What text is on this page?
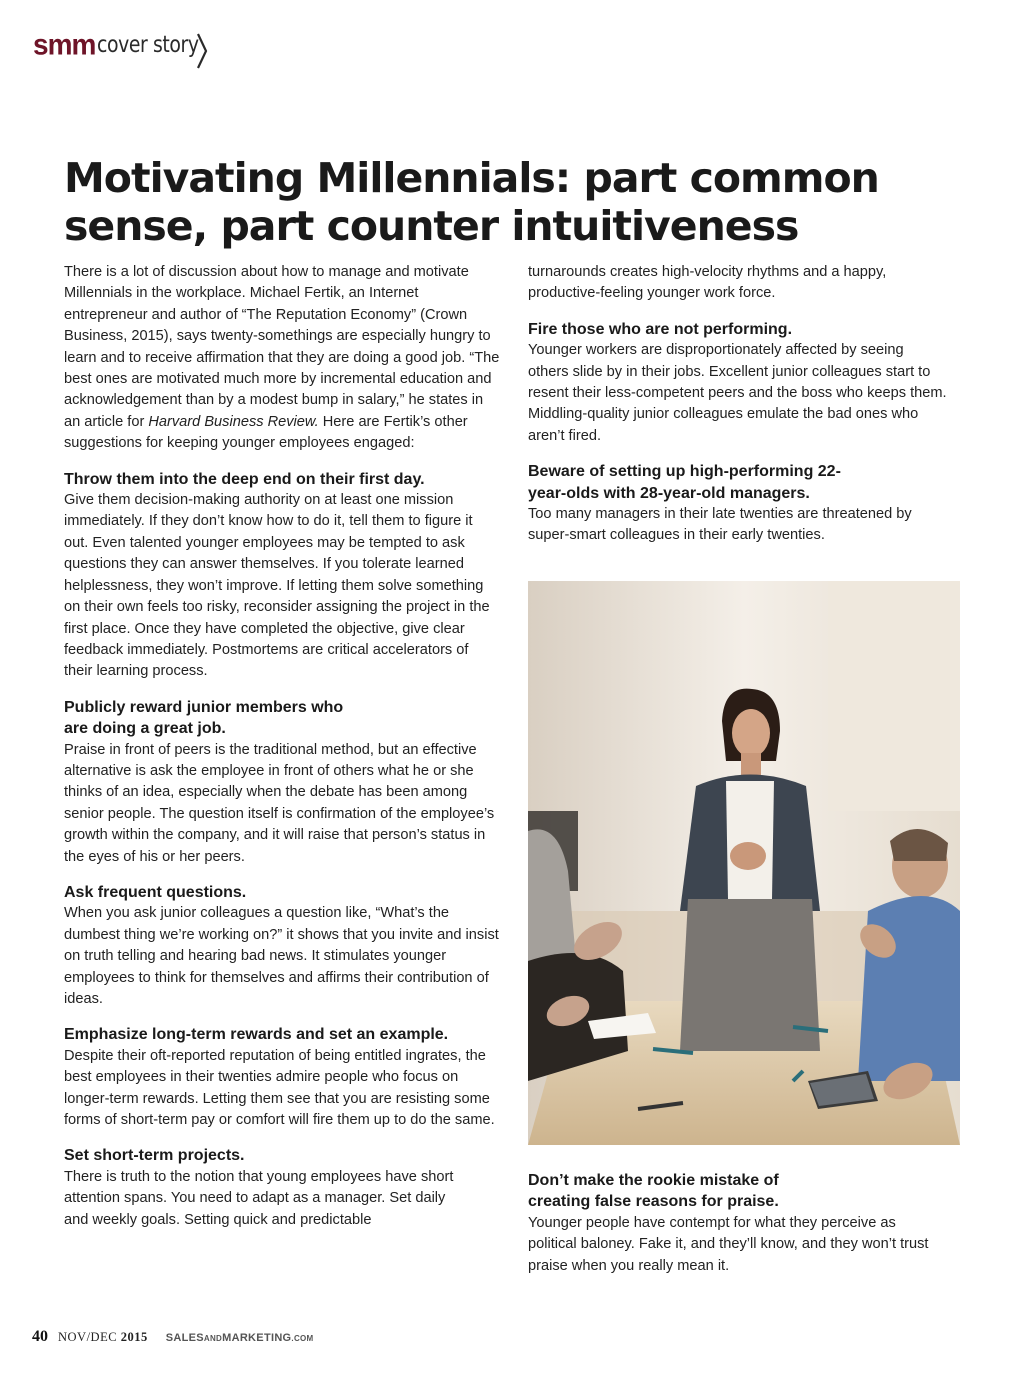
smm cover story
Motivating Millennials: part common sense, part counter intuitiveness

There is a lot of discussion about how to manage and motivate Millennials in the workplace. Michael Fertik, an Internet entrepreneur and author of “The Reputation Economy” (Crown Business, 2015), says twenty-somethings are especially hungry to learn and to receive affirmation that they are doing a good job. “The best ones are motivated much more by incremental education and acknowledgement than by a modest bump in salary,” he states in an article for Harvard Business Review. Here are Fertik’s other suggestions for keeping younger employees engaged:

Throw them into the deep end on their first day.

Give them decision-making authority on at least one mission immediately. If they don’t know how to do it, tell them to figure it out. Even talented younger employees may be tempted to ask questions they can answer themselves. If you tolerate learned helplessness, they won’t improve. If letting them solve something on their own feels too risky, reconsider assigning the project in the first place. Once they have completed the objective, give clear feedback immediately. Postmortems are critical accelerators of their learning process.

Publicly reward junior members who are doing a great job.

Praise in front of peers is the traditional method, but an effective alternative is ask the employee in front of others what he or she thinks of an idea, especially when the debate has been among senior people. The question itself is confirmation of the employee’s growth within the company, and it will raise that person’s status in the eyes of his or her peers.

Ask frequent questions.

When you ask junior colleagues a question like, “What’s the dumbest thing we’re working on?” it shows that you invite and insist on truth telling and hearing bad news. It stimulates younger employees to think for themselves and affirms their contribution of ideas.

Emphasize long-term rewards and set an example.

Despite their oft-reported reputation of being entitled ingrates, the best employees in their twenties admire people who focus on longer-term rewards. Letting them see that you are resisting some forms of short-term pay or comfort will fire them up to do the same.

Set short-term projects.

There is truth to the notion that young employees have short attention spans. You need to adapt as a manager. Set daily and weekly goals. Setting quick and predictable

turnarounds creates high-velocity rhythms and a happy, productive-feeling younger work force.

Fire those who are not performing.

Younger workers are disproportionately affected by seeing others slide by in their jobs. Excellent junior colleagues start to resent their less-competent peers and the boss who keeps them. Middling-quality junior colleagues emulate the bad ones who aren’t fired.

Beware of setting up high-performing 22-year-olds with 28-year-old managers.

Too many managers in their late twenties are threatened by super-smart colleagues in their early twenties.

Don’t make the rookie mistake of creating false reasons for praise.

Younger people have contempt for what they perceive as political baloney. Fake it, and they’ll know, and they won’t trust praise when you really mean it.

40 NOV/DEC 2015 SALESANDMARKETING.COM
